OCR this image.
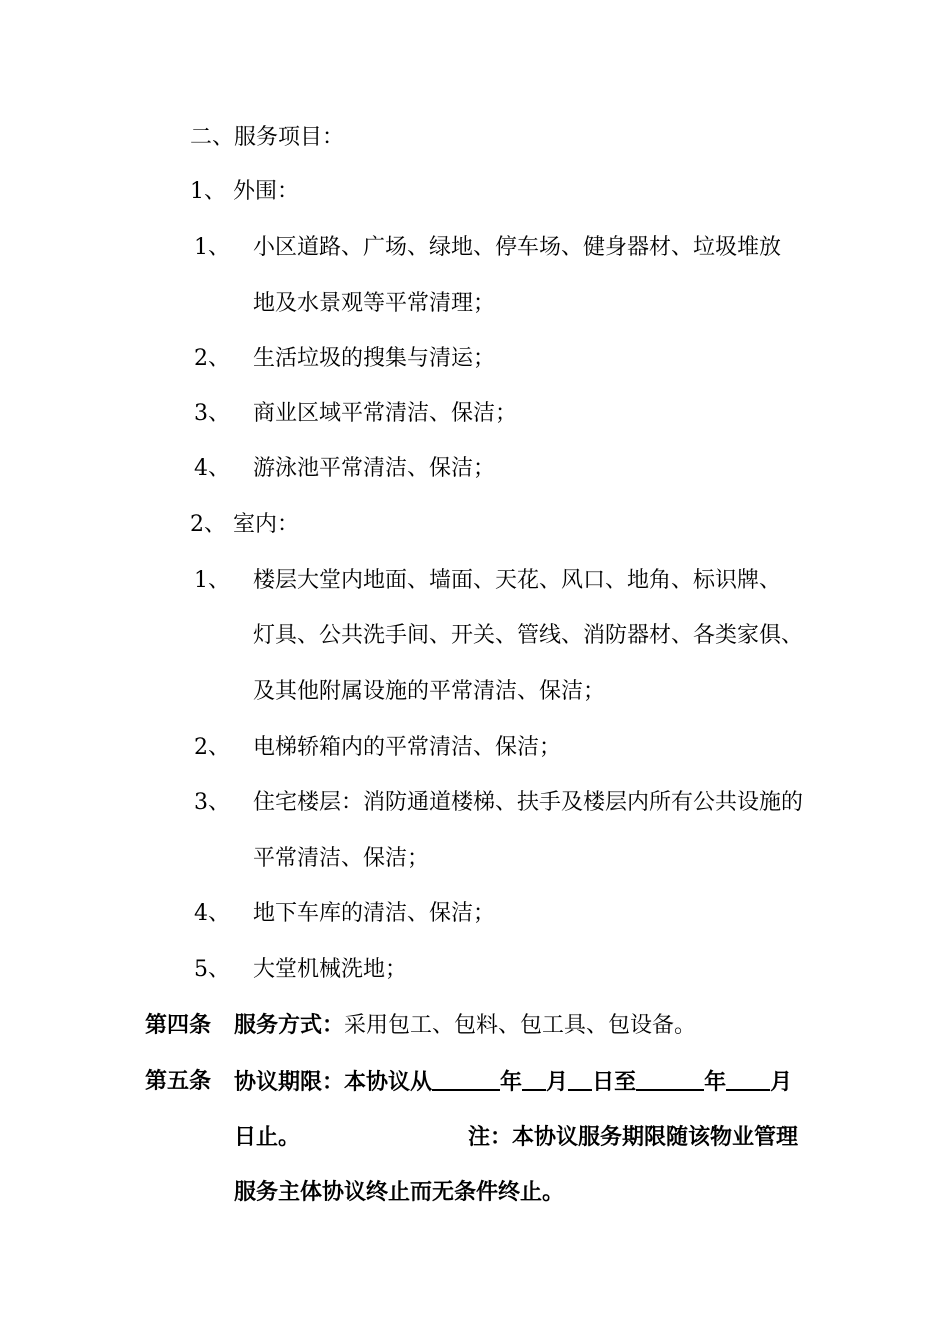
二、服务项目：
1、 外围：
1、 小区道路、广场、绿地、停车场、健身器材、垃圾堆放
地及水景观等平常清理；
2、 生活垃圾的搜集与清运；
3、 商业区域平常清洁、保洁；
4、 游泳池平常清洁、保洁；
2、 室内：
1、 楼层大堂内地面、墙面、天花、风口、地角、标识牌、
灯具、公共洗手间、开关、管线、消防器材、各类家俱、
及其他附属设施的平常清洁、保洁；
2、 电梯轿箱内的平常清洁、保洁；
3、 住宅楼层：消防通道楼梯、扶手及楼层内所有公共设施的
平常清洁、保洁；
4、 地下车库的清洁、保洁；
5、 大堂机械洗地；
第四条 服务方式：采用包工、包料、包工具、包设备。
第五条 协议期限：本协议从	年 月 日至	年 月
日止。	注：本协议服务期限随该物业管理
服务主体协议终止而无条件终止。
